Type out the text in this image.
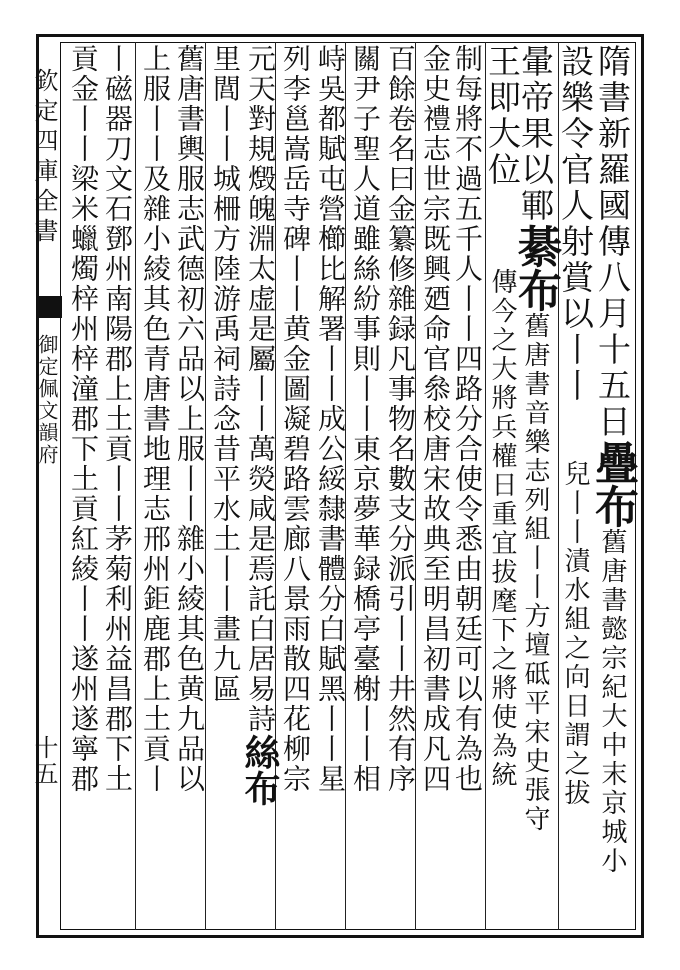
欽定四庫全書
御定佩文韻府
十五
隋書新羅國傳八月十五日疊布舊唐書懿宗紀大中末京城小
設樂令官人射賞以丨丨兒丨丨漬水組之向日謂之拔
暈帝果以鄆綦布舊唐書音樂志列組丨丨方壇砥平宋史張守
王即大位傳今之大將兵權日重宜拔麾下之將使為統
制每將不過五千人丨丨四路分合使令悉由朝廷可以有為也
金史禮志世宗既興廼命官叅校唐宋故典至明昌初書成凡四
百餘卷名曰金纂修雜録凡事物名數支分派引丨丨井然有序
關尹子聖人道雖絲紛事則丨丨東京夢華録橋亭臺榭丨丨相
峙吳都賦屯營櫛比解署丨丨成公綏隸書體分白賦黑丨丨星
列李邕嵩岳寺碑丨丨黄金圖凝碧路雲廊八景雨散四花柳宗
元天對規燬魄淵太虚是屬丨丨萬熒咸是焉託白居易詩絲布
里閭丨丨城柵方陸游禹祠詩念昔平水土丨丨畫九區
舊唐書輿服志武德初六品以上服丨丨雜小綾其色黄九品以
上服丨丨及雜小綾其色青唐書地理志邢州鉅鹿郡上土貢丨
丨磁器刀文石鄧州南陽郡上土貢丨丨茅菊利州益昌郡下土
貢金丨丨梁米蠟燭梓州梓潼郡下土貢紅綾丨丨遂州遂寧郡
